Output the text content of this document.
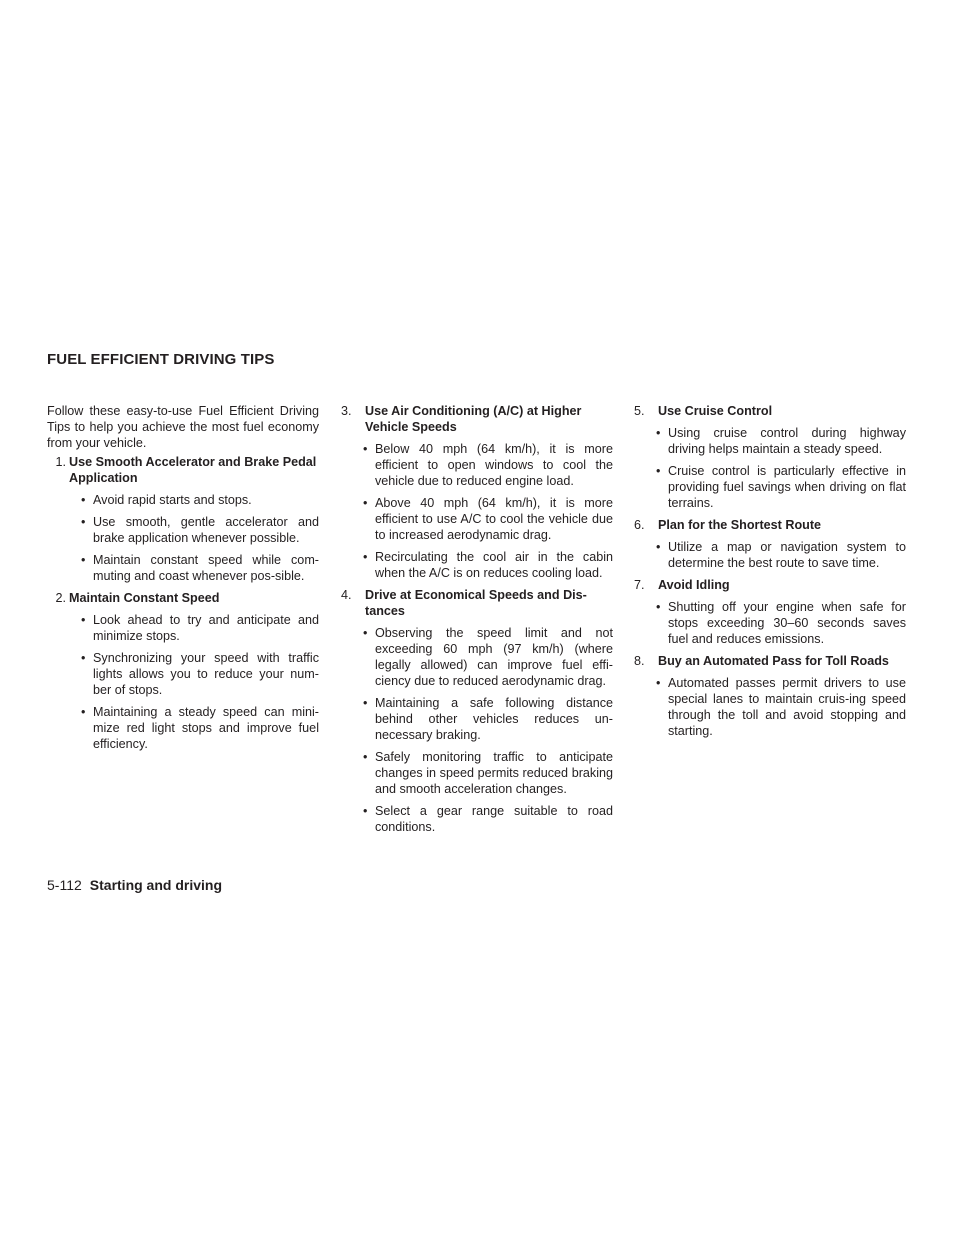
FUEL EFFICIENT DRIVING TIPS

Follow these easy-to-use Fuel Efficient Driving Tips to help you achieve the most fuel economy from your vehicle.

1. Use Smooth Accelerator and Brake Pedal Application
• Avoid rapid starts and stops.
• Use smooth, gentle accelerator and brake application whenever possible.
• Maintain constant speed while com-muting and coast whenever pos-sible.
2. Maintain Constant Speed
• Look ahead to try and anticipate and minimize stops.
• Synchronizing your speed with traffic lights allows you to reduce your num-ber of stops.
• Maintaining a steady speed can mini-mize red light stops and improve fuel efficiency.
3. Use Air Conditioning (A/C) at Higher Vehicle Speeds
• Below 40 mph (64 km/h), it is more efficient to open windows to cool the vehicle due to reduced engine load.
• Above 40 mph (64 km/h), it is more efficient to use A/C to cool the vehicle due to increased aerodynamic drag.
• Recirculating the cool air in the cabin when the A/C is on reduces cooling load.
4. Drive at Economical Speeds and Dis-tances
• Observing the speed limit and not exceeding 60 mph (97 km/h) (where legally allowed) can improve fuel effi-ciency due to reduced aerodynamic drag.
• Maintaining a safe following distance behind other vehicles reduces un-necessary braking.
• Safely monitoring traffic to anticipate changes in speed permits reduced braking and smooth acceleration changes.
• Select a gear range suitable to road conditions.
5. Use Cruise Control
• Using cruise control during highway driving helps maintain a steady speed.
• Cruise control is particularly effective in providing fuel savings when driving on flat terrains.
6. Plan for the Shortest Route
• Utilize a map or navigation system to determine the best route to save time.
7. Avoid Idling
• Shutting off your engine when safe for stops exceeding 30–60 seconds saves fuel and reduces emissions.
8. Buy an Automated Pass for Toll Roads
• Automated passes permit drivers to use special lanes to maintain cruis-ing speed through the toll and avoid stopping and starting.
5-112 Starting and driving
